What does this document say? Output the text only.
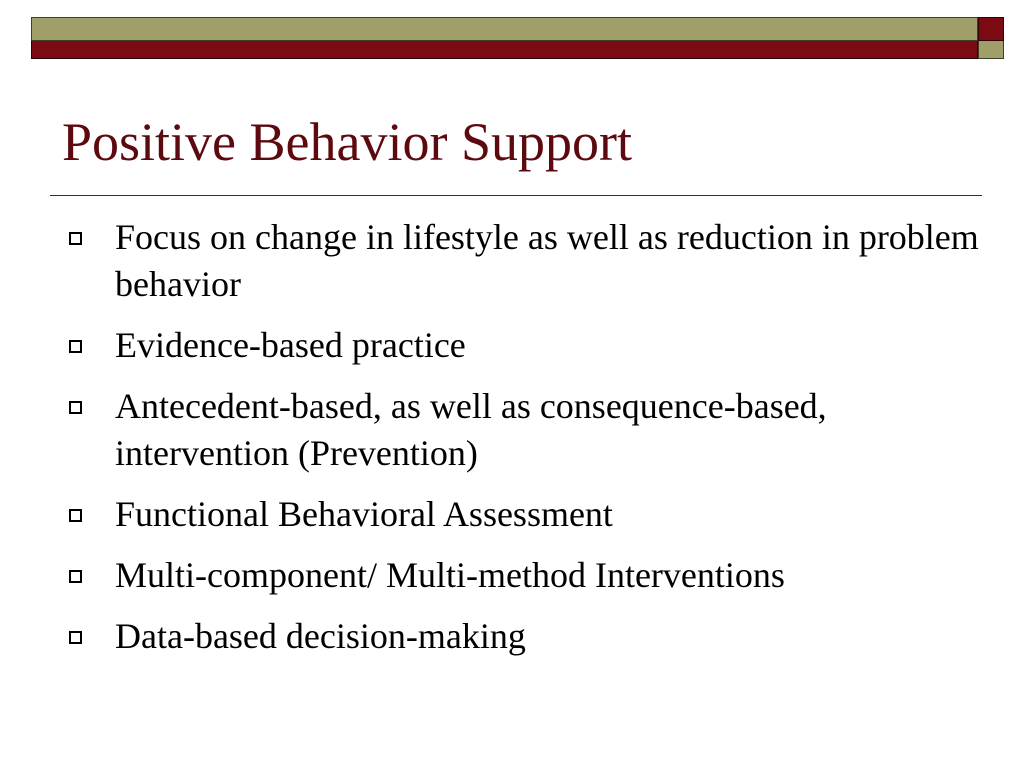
Positive Behavior Support
Focus on change in lifestyle as well as reduction in problem behavior
Evidence-based practice
Antecedent-based, as well as consequence-based, intervention (Prevention)
Functional Behavioral Assessment
Multi-component/ Multi-method Interventions
Data-based decision-making
